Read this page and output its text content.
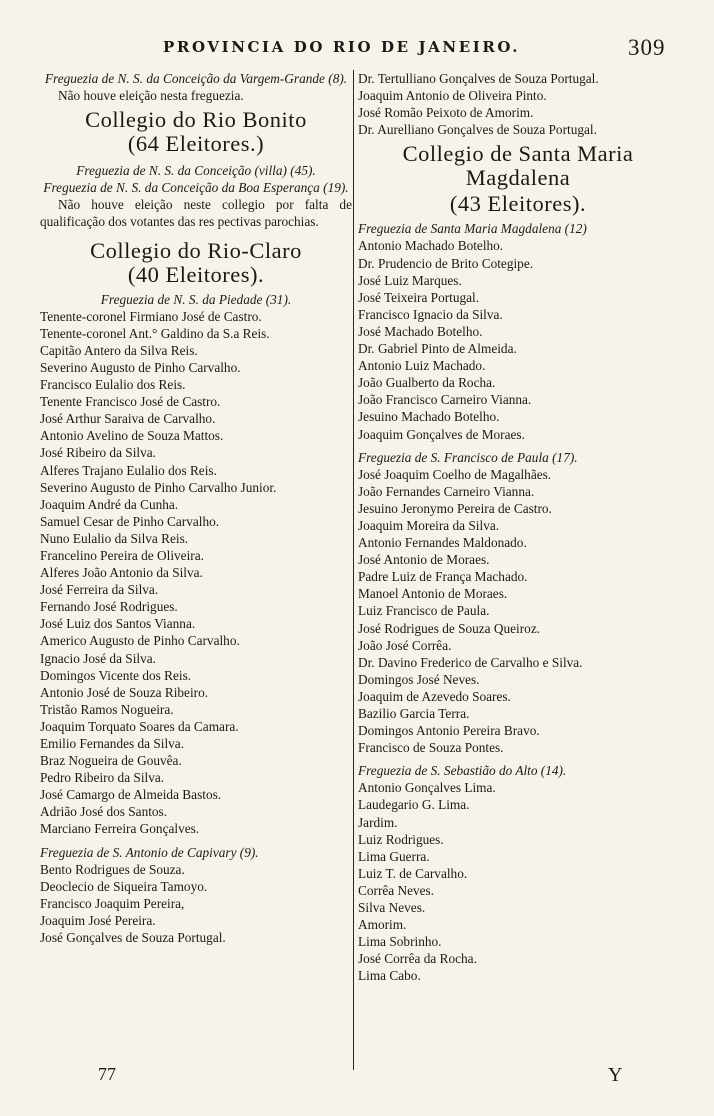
PROVINCIA DO RIO DE JANEIRO.	309

Freguezia de N. S. da Conceição da Vargem-Grande (8).

Não houve eleição nesta freguezia.

Collegio do Rio Bonito

(64 Eleitores.)

Freguezia de N. S. da Conceição (villa) (45).

Freguezia de N. S. da Conceição da Boa Esperança (19).

Não houve eleição neste collegio por falta de qualificação dos votantes das res pectivas parochias.

Collegio do Rio-Claro

(40 Eleitores).

Freguezia de N. S. da Piedade (31).

Tenente-coronel Firmiano José de Castro.

Tenente-coronel Ant.° Galdino da S.a Reis.

Capitão Antero da Silva Reis.

Severino Augusto de Pinho Carvalho.

Francisco Eulalio dos Reis.

Tenente Francisco José de Castro.

José Arthur Saraiva de Carvalho.

Antonio Avelino de Souza Mattos.

José Ribeiro da Silva.

Alferes Trajano Eulalio dos Reis.

Severino Augusto de Pinho Carvalho Junior.

Joaquim André da Cunha.

Samuel Cesar de Pinho Carvalho.

Nuno Eulalio da Silva Reis.

Francelino Pereira de Oliveira.

Alferes João Antonio da Silva.

José Ferreira da Silva.

Fernando José Rodrigues.

José Luiz dos Santos Vianna.

Americo Augusto de Pinho Carvalho.

Ignacio José da Silva.

Domingos Vicente dos Reis.

Antonio José de Souza Ribeiro.

Tristão Ramos Nogueira.

Joaquim Torquato Soares da Camara.

Emilio Fernandes da Silva.

Braz Nogueira de Gouvêa.

Pedro Ribeiro da Silva.

José Camargo de Almeida Bastos.

Adrião José dos Santos.

Marciano Ferreira Gonçalves.

Freguezia de S. Antonio de Capivary (9).

Bento Rodrigues de Souza.

Deoclecio de Siqueira Tamoyo.

Francisco Joaquim Pereira,

Joaquim José Pereira.

José Gonçalves de Souza Portugal.

Dr. Tertulliano Gonçalves de Souza Portugal.

Joaquim Antonio de Oliveira Pinto.

José Romão Peixoto de Amorim.

Dr. Aurelliano Gonçalves de Souza Portugal.

Collegio de Santa Maria

Magdalena

(43 Eleitores).

Freguezia de Santa Maria Magdalena (12)

Antonio Machado Botelho.

Dr. Prudencio de Brito Cotegipe.

José Luiz Marques.

José Teixeira Portugal.

Francisco Ignacio da Silva.

José Machado Botelho.

Dr. Gabriel Pinto de Almeida.

Antonio Luiz Machado.

João Gualberto da Rocha.

João Francisco Carneiro Vianna.

Jesuino Machado Botelho.

Joaquim Gonçalves de Moraes.

Freguezia de S. Francisco de Paula (17).

José Joaquim Coelho de Magalhães.

João Fernandes Carneiro Vianna.

Jesuino Jeronymo Pereira de Castro.

Joaquim Moreira da Silva.

Antonio Fernandes Maldonado.

José Antonio de Moraes.

Padre Luiz de França Machado.

Manoel Antonio de Moraes.

Luiz Francisco de Paula.

José Rodrigues de Souza Queiroz.

João José Corrêa.

Dr. Davino Frederico de Carvalho e Silva.

Domingos José Neves.

Joaquim de Azevedo Soares.

Bazilio Garcia Terra.

Domingos Antonio Pereira Bravo.

Francisco de Souza Pontes.

Freguezia de S. Sebastião do Alto (14).

Antonio Gonçalves Lima.

Laudegario G. Lima.

Jardim.

Luiz Rodrigues.

Lima Guerra.

Luiz T. de Carvalho.

Corrêa Neves.

Silva Neves.

Amorim.

Lima Sobrinho.

José Corrêa da Rocha.

Lima Cabo.

77	Y
